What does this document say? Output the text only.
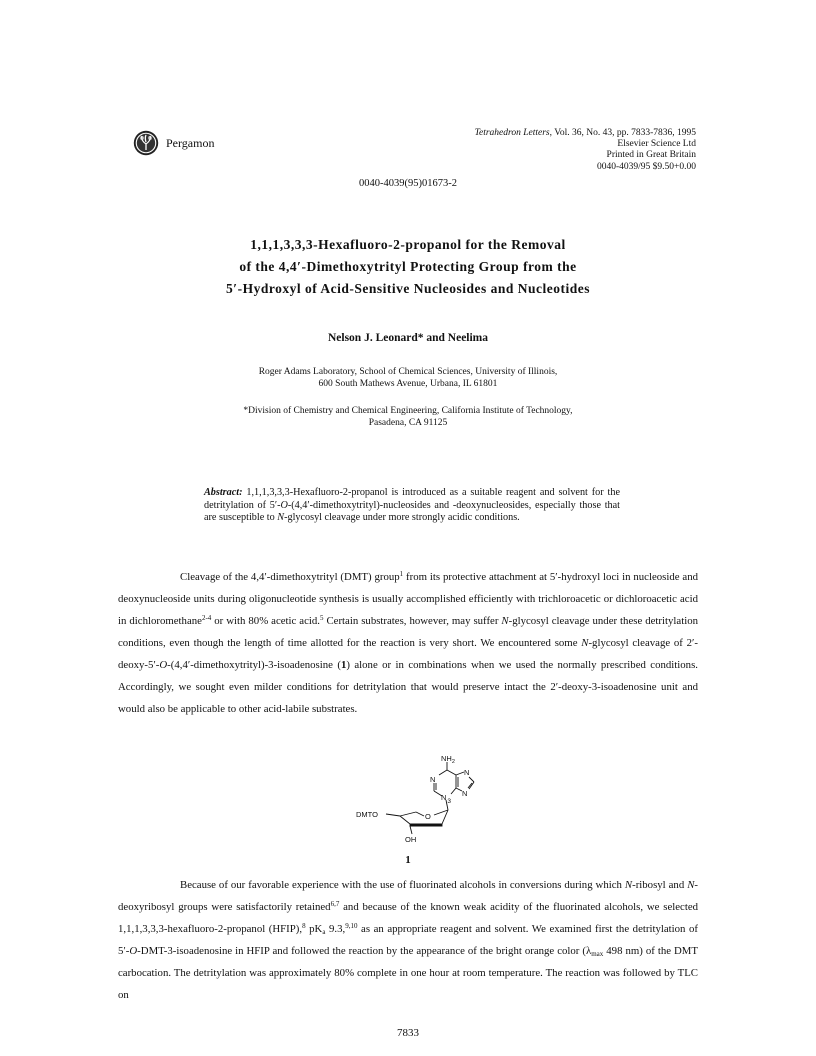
Pergamon
Tetrahedron Letters, Vol. 36, No. 43, pp. 7833-7836, 1995
Elsevier Science Ltd
Printed in Great Britain
0040-4039/95 $9.50+0.00
0040-4039(95)01673-2
1,1,1,3,3,3-Hexafluoro-2-propanol for the Removal
of the 4,4′-Dimethoxytrityl Protecting Group from the
5′-Hydroxyl of Acid-Sensitive Nucleosides and Nucleotides
Nelson J. Leonard* and Neelima
Roger Adams Laboratory, School of Chemical Sciences, University of Illinois,
600 South Mathews Avenue, Urbana, IL 61801
*Division of Chemistry and Chemical Engineering, California Institute of Technology,
Pasadena, CA 91125
Abstract: 1,1,1,3,3,3-Hexafluoro-2-propanol is introduced as a suitable reagent and solvent for the detritylation of 5′-O-(4,4′-dimethoxytrityl)-nucleosides and -deoxynucleosides, especially those that are susceptible to N-glycosyl cleavage under more strongly acidic conditions.
Cleavage of the 4,4′-dimethoxytrityl (DMT) group$^1$ from its protective attachment at 5′-hydroxyl loci in nucleoside and deoxynucleoside units during oligonucleotide synthesis is usually accomplished efficiently with trichloroacetic or dichloroacetic acid in dichloromethane$^{2-4}$ or with 80% acetic acid.$^5$ Certain substrates, however, may suffer N-glycosyl cleavage under these detritylation conditions, even though the length of time allotted for the reaction is very short. We encountered some N-glycosyl cleavage of 2′-deoxy-5′-O-(4,4′-dimethoxytrityl)-3-isoadenosine (1) alone or in combinations when we used the normally prescribed conditions. Accordingly, we sought even milder conditions for detritylation that would preserve intact the 2′-deoxy-3-isoadenosine unit and would also be applicable to other acid-labile substrates.
$NH_2$
N
N
N
N3
O
DMTO
OH
1
Because of our favorable experience with the use of fluorinated alcohols in conversions during which N-ribosyl and N-deoxyribosyl groups were satisfactorily retained$^{6,7}$ and because of the known weak acidity of the fluorinated alcohols, we selected 1,1,1,3,3,3-hexafluoro-2-propanol (HFIP),$^8$ $pK_a$ 9.3,$^{9,10}$ as an appropriate reagent and solvent. We examined first the detritylation of 5′-O-DMT-3-isoadenosine in HFIP and followed the reaction by the appearance of the bright orange color ($\lambda_{max}$ 498 nm) of the DMT carbocation. The detritylation was approximately 80% complete in one hour at room temperature. The reaction was followed by TLC on
7833
